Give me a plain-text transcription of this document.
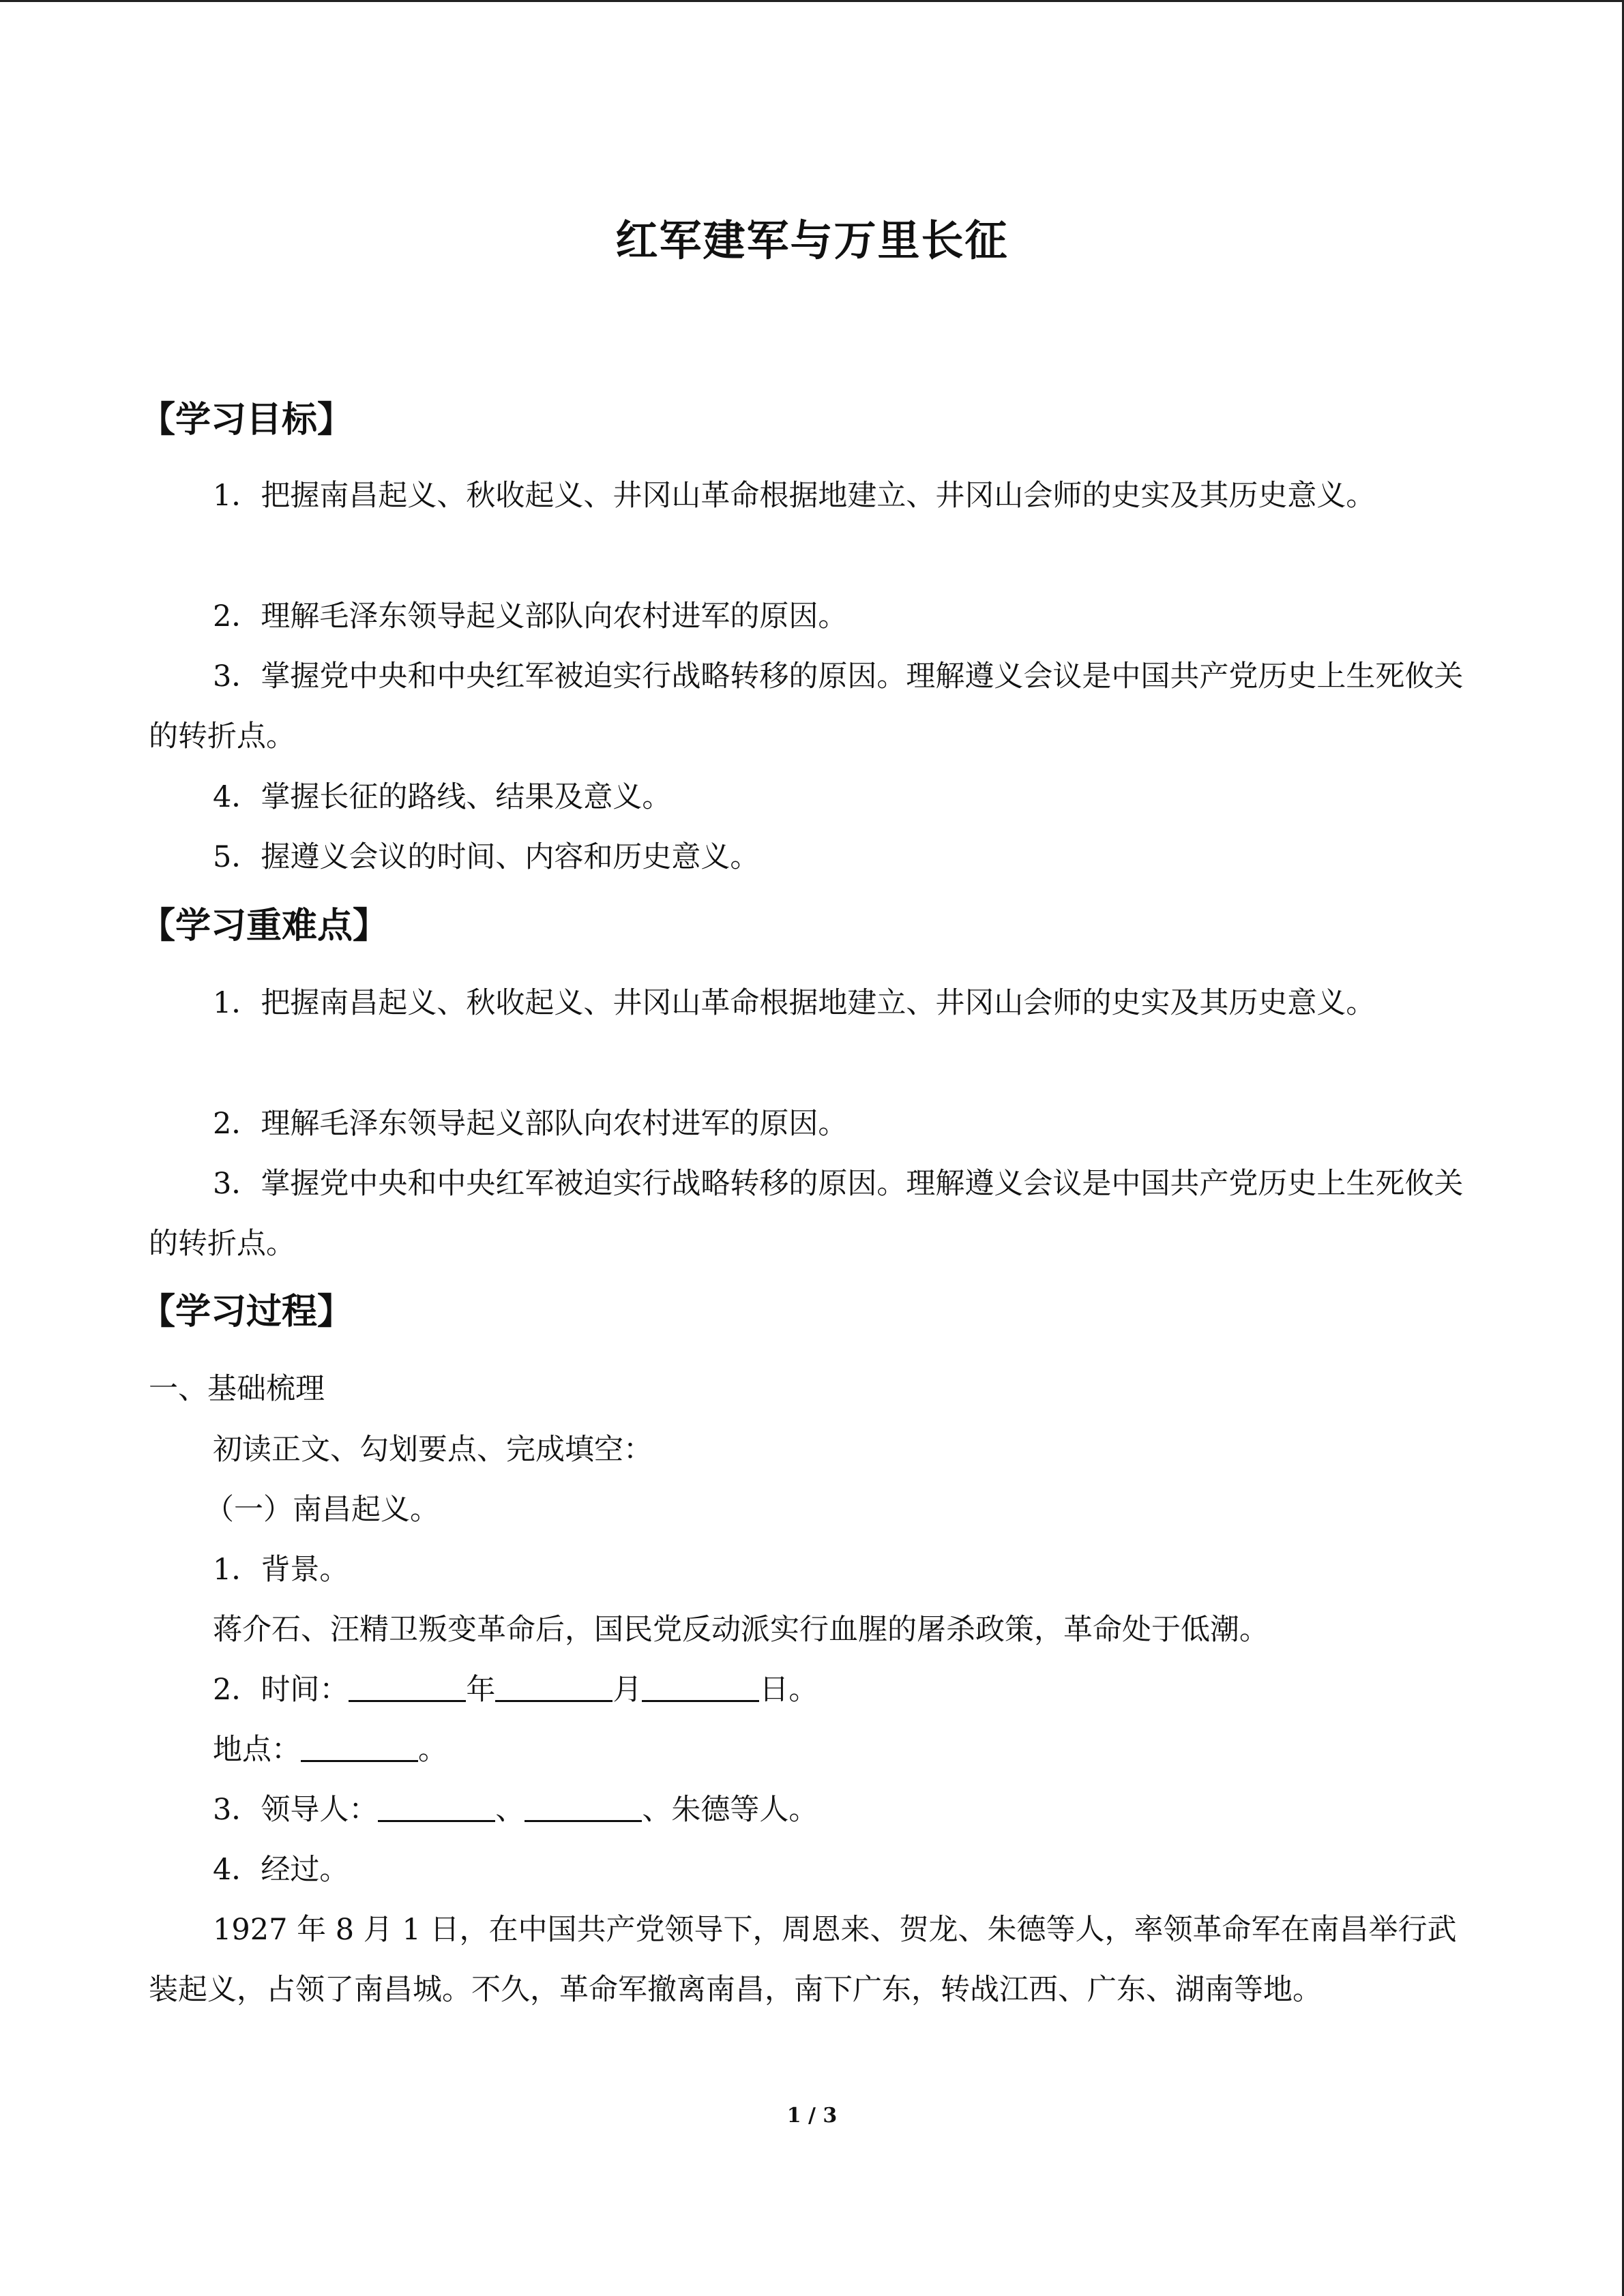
红军建军与万里长征
【学习目标】
1．把握南昌起义、秋收起义、井冈山革命根据地建立、井冈山会师的史实及其历史意义。
2．理解毛泽东领导起义部队向农村进军的原因。
3．掌握党中央和中央红军被迫实行战略转移的原因。理解遵义会议是中国共产党历史上生死攸关的转折点。
4．掌握长征的路线、结果及意义。
5．握遵义会议的时间、内容和历史意义。
【学习重难点】
1．把握南昌起义、秋收起义、井冈山革命根据地建立、井冈山会师的史实及其历史意义。
2．理解毛泽东领导起义部队向农村进军的原因。
3．掌握党中央和中央红军被迫实行战略转移的原因。理解遵义会议是中国共产党历史上生死攸关的转折点。
【学习过程】
一、基础梳理
初读正文、勾划要点、完成填空：
（一）南昌起义。
1．背景。
蒋介石、汪精卫叛变革命后，国民党反动派实行血腥的屠杀政策，革命处于低潮。
2．时间：	年	月	日。
地点：	。
3．领导人：	、	、朱德等人。
4．经过。
1927 年 8 月 1 日，在中国共产党领导下，周恩来、贺龙、朱德等人，率领革命军在南昌举行武装起义，占领了南昌城。不久，革命军撤离南昌，南下广东，转战江西、广东、湖南等地。
1 / 3
